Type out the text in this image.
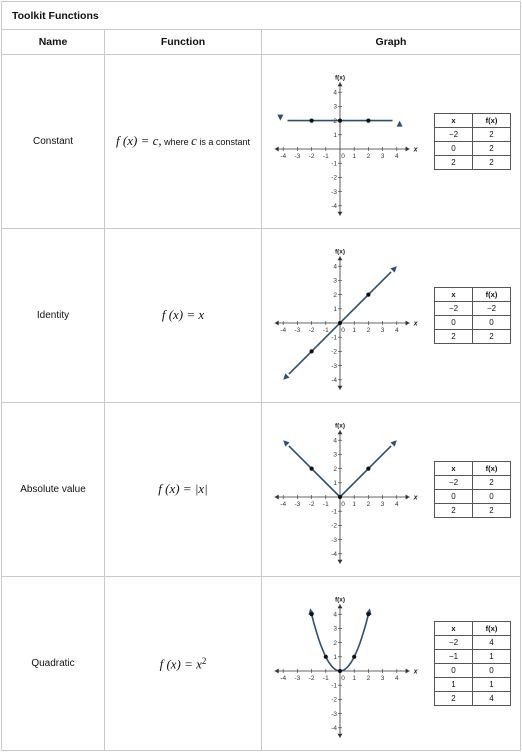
Toolkit Functions
Name	Function	Graph
Constant	f (x) = c, where c is a constant	
-4 -3 -2 -1 0 1 2 3 4
4
3
2
1
-1
-2
-3
-4
f(x)
x
x	f(x)
−2	2
0	2
2	2

Identity	f (x) = x	
-4 -3 -2 -1 0 1 2 3 4
4
3
2
1
-1
-2
-3
-4
f(x)
x
x	f(x)
−2	−2
0	0
2	2

Absolute value	f (x) = |x|	
-4 -3 -2 -1 0 1 2 3 4
4
3
2
1
-1
-2
-3
-4
f(x)
x
x	f(x)
−2	2
0	0
2	2

Quadratic	f $(x) = x^2$	
-4 -3 -2 -1 0 1 2 3 4
4
3
2
1
-1
-2
-3
-4
f(x)
x
x	f(x)
−2	4
−1	1
0	0
1	1
2	4
